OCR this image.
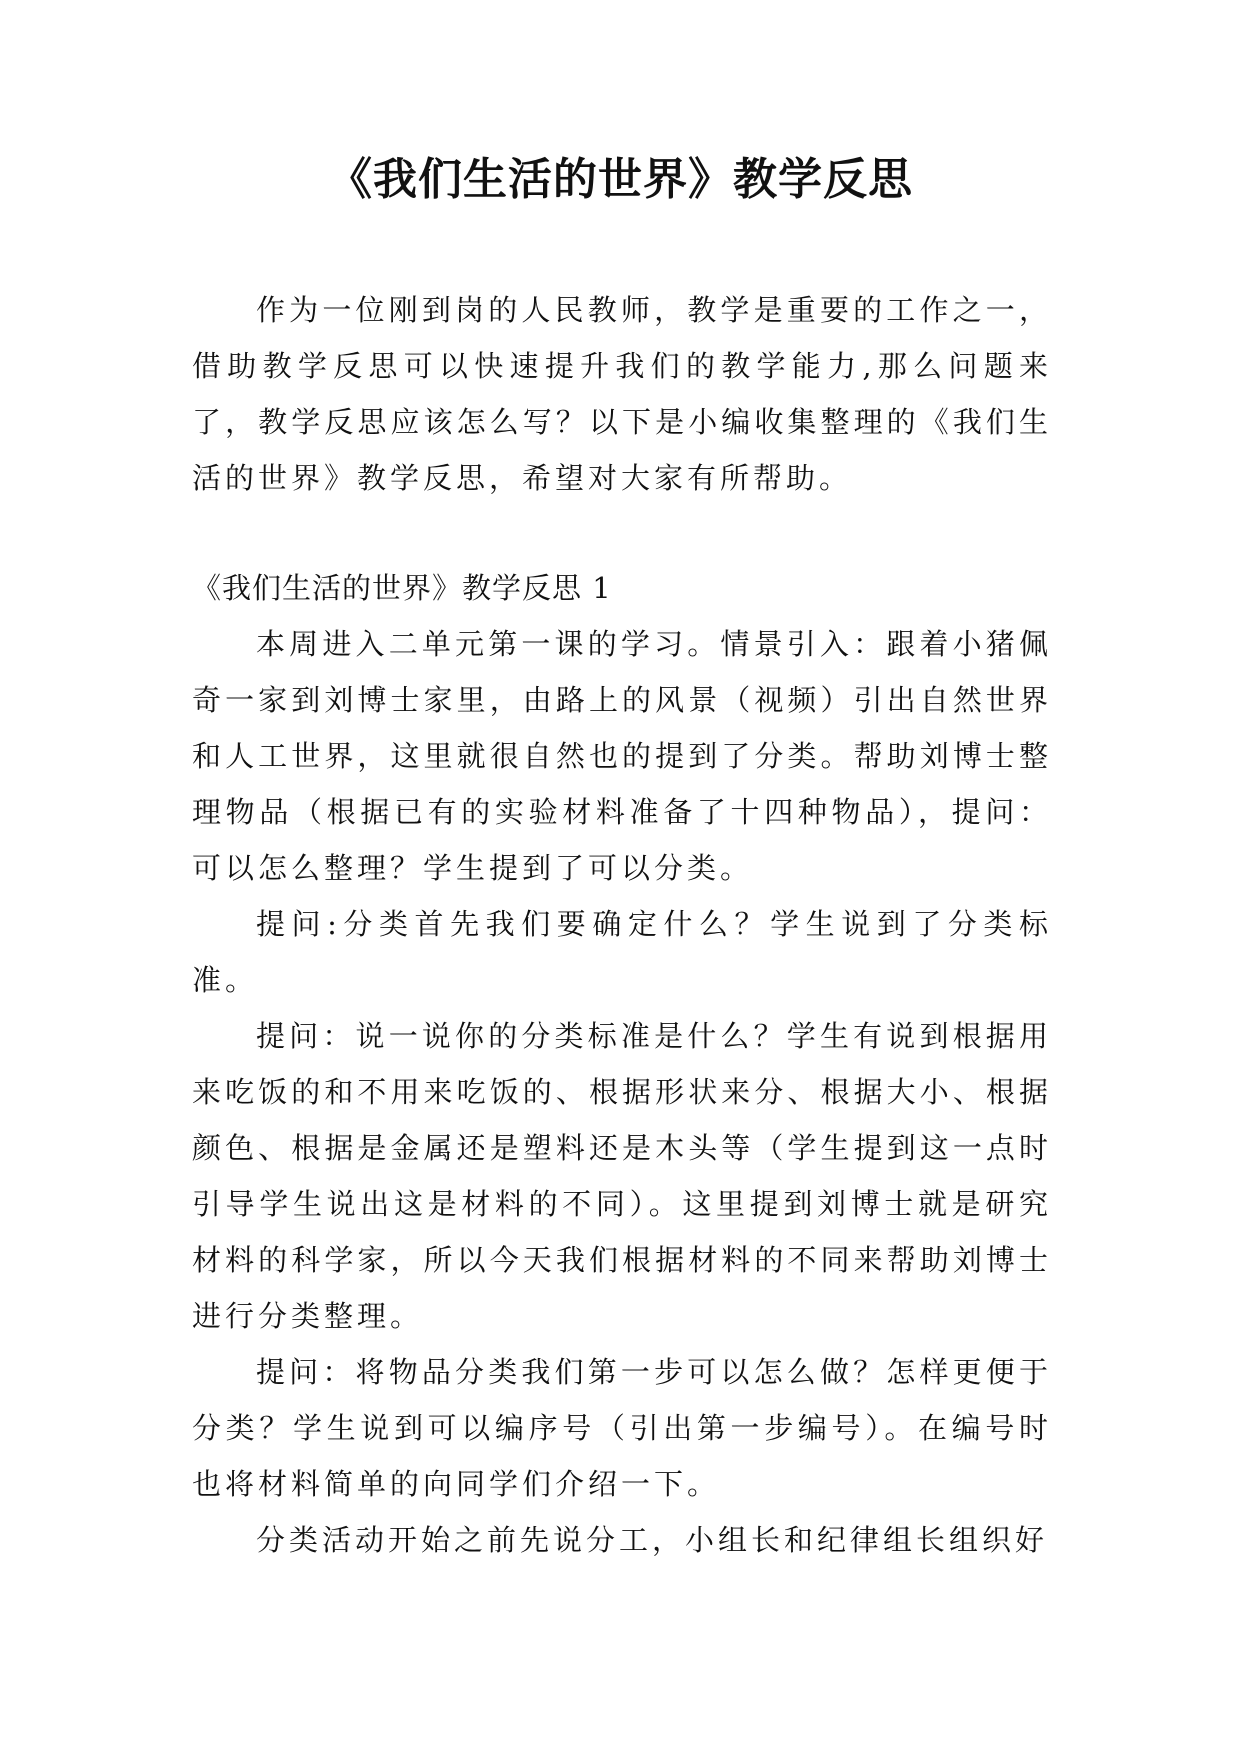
《我们生活的世界》教学反思

作为一位刚到岗的人民教师，教学是重要的工作之一，借助教学反思可以快速提升我们的教学能力,那么问题来了，教学反思应该怎么写？以下是小编收集整理的《我们生活的世界》教学反思，希望对大家有所帮助。

《我们生活的世界》教学反思 1

本周进入二单元第一课的学习。情景引入：跟着小猪佩奇一家到刘博士家里，由路上的风景（视频）引出自然世界和人工世界，这里就很自然也的提到了分类。帮助刘博士整理物品（根据已有的实验材料准备了十四种物品），提问：可以怎么整理？学生提到了可以分类。

提问:分类首先我们要确定什么？学生说到了分类标准。

提问：说一说你的分类标准是什么？学生有说到根据用来吃饭的和不用来吃饭的、根据形状来分、根据大小、根据颜色、根据是金属还是塑料还是木头等（学生提到这一点时引导学生说出这是材料的不同）。这里提到刘博士就是研究材料的科学家，所以今天我们根据材料的不同来帮助刘博士进行分类整理。

提问：将物品分类我们第一步可以怎么做？怎样更便于分类？学生说到可以编序号（引出第一步编号）。在编号时也将材料简单的向同学们介绍一下。

分类活动开始之前先说分工，小组长和纪律组长组织好
